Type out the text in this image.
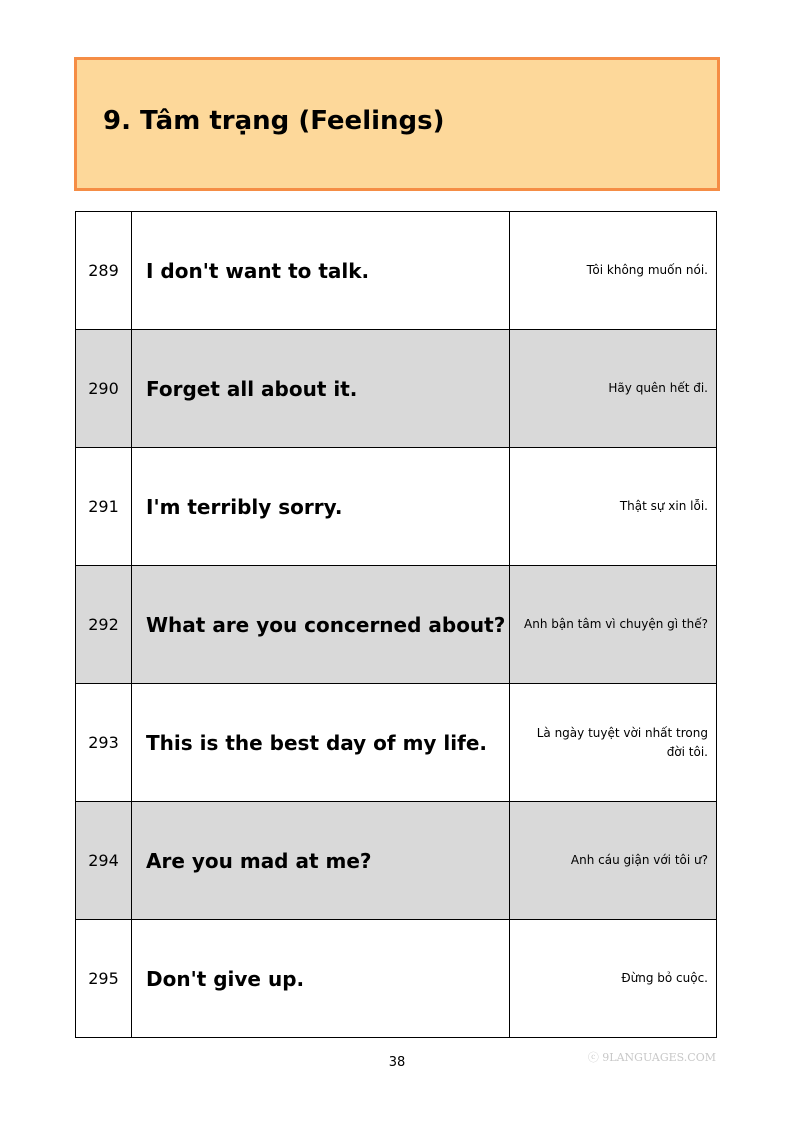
9. Tâm trạng (Feelings)
289	I don't want to talk.	Tôi không muốn nói.

290	Forget all about it.	Hãy quên hết đi.

291	I'm terribly sorry.	Thật sự xin lỗi.

292	What are you concerned about?	Anh bận tâm vì chuyện gì thế?

293	This is the best day of my life.	Là ngày tuyệt vời nhất trong đời tôi.

294	Are you mad at me?	Anh cáu giận với tôi ư?

295	Don't give up.	Đừng bỏ cuộc.
38	ⓒ 9LANGUAGES.COM
